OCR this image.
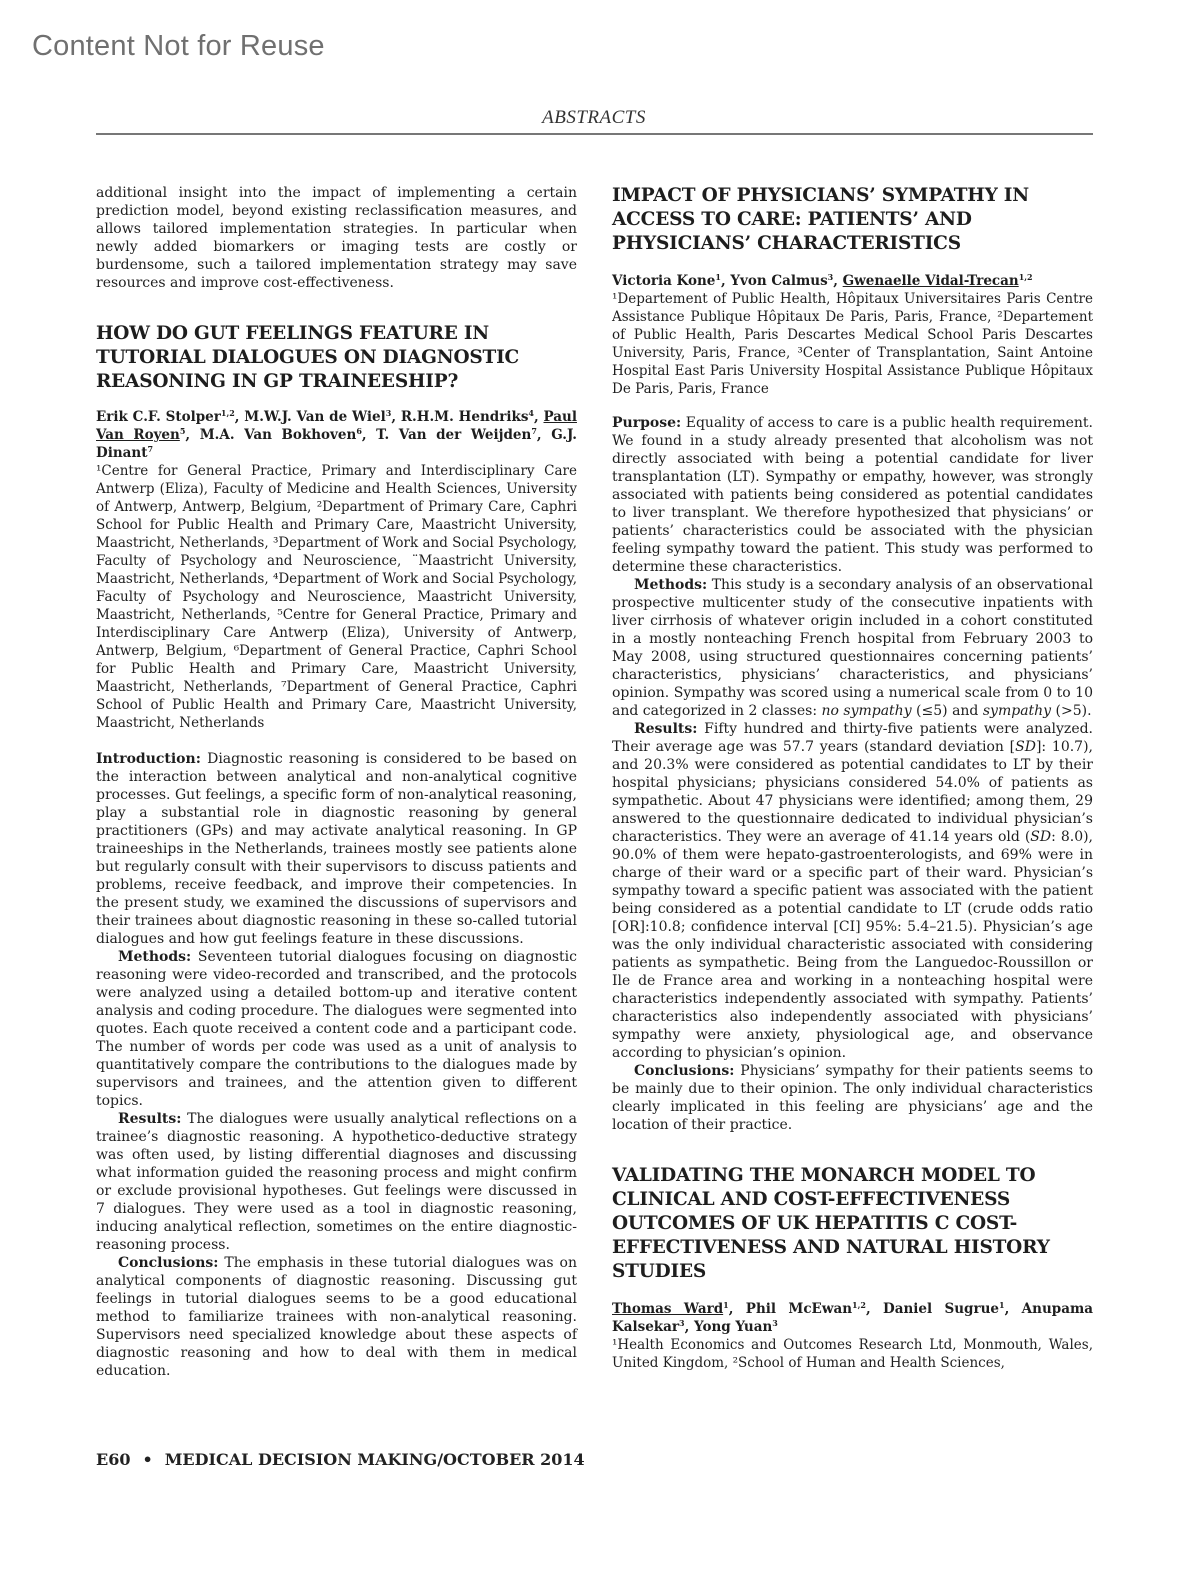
Content Not for Reuse
ABSTRACTS

additional insight into the impact of implementing a certain prediction model, beyond existing reclassification measures, and allows tailored implementation strategies. In particular when newly added biomarkers or imaging tests are costly or burdensome, such a tailored implementation strategy may save resources and improve cost-effectiveness.

HOW DO GUT FEELINGS FEATURE IN
TUTORIAL DIALOGUES ON DIAGNOSTIC
REASONING IN GP TRAINEESHIP?

Erik C.F. Stolper$^{1,2}$, M.W.J. Van de Wiel$^3$, R.H.M. Hendriks$^4$, Paul Van Royen$^5$, M.A. Van Bokhoven$^6$, T. Van der Weijden$^7$, G.J. Dinant$^7$

¹Centre for General Practice, Primary and Interdisciplinary Care Antwerp (Eliza), Faculty of Medicine and Health Sciences, University of Antwerp, Antwerp, Belgium, ²Department of Primary Care, Caphri School for Public Health and Primary Care, Maastricht University, Maastricht, Netherlands, ³Department of Work and Social Psychology, Faculty of Psychology and Neuroscience, ¨Maastricht University, Maastricht, Netherlands, ⁴Department of Work and Social Psychology, Faculty of Psychology and Neuroscience, Maastricht University, Maastricht, Netherlands, ⁵Centre for General Practice, Primary and Interdisciplinary Care Antwerp (Eliza), University of Antwerp, Antwerp, Belgium, ⁶Department of General Practice, Caphri School for Public Health and Primary Care, Maastricht University, Maastricht, Netherlands, ⁷Department of General Practice, Caphri School of Public Health and Primary Care, Maastricht University, Maastricht, Netherlands

Introduction: Diagnostic reasoning is considered to be based on the interaction between analytical and non-analytical cognitive processes. Gut feelings, a specific form of non-analytical reasoning, play a substantial role in diagnostic reasoning by general practitioners (GPs) and may activate analytical reasoning. In GP traineeships in the Netherlands, trainees mostly see patients alone but regularly consult with their supervisors to discuss patients and problems, receive feedback, and improve their competencies. In the present study, we examined the discussions of supervisors and their trainees about diagnostic reasoning in these so-called tutorial dialogues and how gut feelings feature in these discussions.

Methods: Seventeen tutorial dialogues focusing on diagnostic reasoning were video-recorded and transcribed, and the protocols were analyzed using a detailed bottom-up and iterative content analysis and coding procedure. The dialogues were segmented into quotes. Each quote received a content code and a participant code. The number of words per code was used as a unit of analysis to quantitatively compare the contributions to the dialogues made by supervisors and trainees, and the attention given to different topics.

Results: The dialogues were usually analytical reflections on a trainee’s diagnostic reasoning. A hypothetico-deductive strategy was often used, by listing differential diagnoses and discussing what information guided the reasoning process and might confirm or exclude provisional hypotheses. Gut feelings were discussed in 7 dialogues. They were used as a tool in diagnostic reasoning, inducing analytical reflection, sometimes on the entire diagnostic-reasoning process.

Conclusions: The emphasis in these tutorial dialogues was on analytical components of diagnostic reasoning. Discussing gut feelings in tutorial dialogues seems to be a good educational method to familiarize trainees with non-analytical reasoning. Supervisors need specialized knowledge about these aspects of diagnostic reasoning and how to deal with them in medical education.

IMPACT OF PHYSICIANS’ SYMPATHY IN
ACCESS TO CARE: PATIENTS’ AND
PHYSICIANS’ CHARACTERISTICS

Victoria Kone$^1$, Yvon Calmus$^3$, Gwenaelle Vidal-Trecan$^{1,2}$

¹Departement of Public Health, Hôpitaux Universitaires Paris Centre Assistance Publique Hôpitaux De Paris, Paris, France, ²Departement of Public Health, Paris Descartes Medical School Paris Descartes University, Paris, France, ³Center of Transplantation, Saint Antoine Hospital East Paris University Hospital Assistance Publique Hôpitaux De Paris, Paris, France

Purpose: Equality of access to care is a public health requirement. We found in a study already presented that alcoholism was not directly associated with being a potential candidate for liver transplantation (LT). Sympathy or empathy, however, was strongly associated with patients being considered as potential candidates to liver transplant. We therefore hypothesized that physicians’ or patients’ characteristics could be associated with the physician feeling sympathy toward the patient. This study was performed to determine these characteristics.

Methods: This study is a secondary analysis of an observational prospective multicenter study of the consecutive inpatients with liver cirrhosis of whatever origin included in a cohort constituted in a mostly nonteaching French hospital from February 2003 to May 2008, using structured questionnaires concerning patients’ characteristics, physicians’ characteristics, and physicians’ opinion. Sympathy was scored using a numerical scale from 0 to 10 and categorized in 2 classes: no sympathy (≤5) and sympathy (>5).

Results: Fifty hundred and thirty-five patients were analyzed. Their average age was 57.7 years (standard deviation [SD]: 10.7), and 20.3% were considered as potential candidates to LT by their hospital physicians; physicians considered 54.0% of patients as sympathetic. About 47 physicians were identified; among them, 29 answered to the questionnaire dedicated to individual physician’s characteristics. They were an average of 41.14 years old (SD: 8.0), 90.0% of them were hepato-gastroenterologists, and 69% were in charge of their ward or a specific part of their ward. Physician’s sympathy toward a specific patient was associated with the patient being considered as a potential candidate to LT (crude odds ratio [OR]:10.8; confidence interval [CI] 95%: 5.4–21.5). Physician’s age was the only individual characteristic associated with considering patients as sympathetic. Being from the Languedoc-Roussillon or Ile de France area and working in a nonteaching hospital were characteristics independently associated with sympathy. Patients’ characteristics also independently associated with physicians’ sympathy were anxiety, physiological age, and observance according to physician’s opinion.

Conclusions: Physicians’ sympathy for their patients seems to be mainly due to their opinion. The only individual characteristics clearly implicated in this feeling are physicians’ age and the location of their practice.

VALIDATING THE MONARCH MODEL TO
CLINICAL AND COST-EFFECTIVENESS
OUTCOMES OF UK HEPATITIS C COST-
EFFECTIVENESS AND NATURAL HISTORY
STUDIES

Thomas Ward$^1$, Phil McEwan$^{1,2}$, Daniel Sugrue$^1$, Anupama Kalsekar$^3$, Yong Yuan$^3$

¹Health Economics and Outcomes Research Ltd, Monmouth, Wales, United Kingdom, ²School of Human and Health Sciences,

E60 • MEDICAL DECISION MAKING/OCTOBER 2014
